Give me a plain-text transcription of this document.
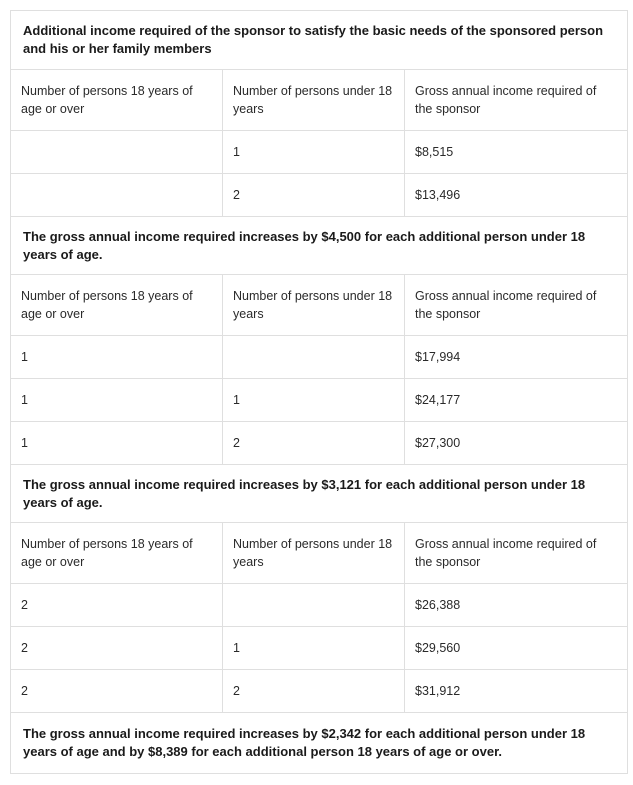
Additional income required of the sponsor to satisfy the basic needs of the sponsored person and his or her family members		
Number of persons 18 years of age or over	Number of persons under 18 years	Gross annual income required of the sponsor
	1	$8,515
	2	$13,496
The gross annual income required increases by $4,500 for each additional person under 18 years of age.		
Number of persons 18 years of age or over	Number of persons under 18 years	Gross annual income required of the sponsor
1		$17,994
1	1	$24,177
1	2	$27,300
The gross annual income required increases by $3,121 for each additional person under 18 years of age.		
Number of persons 18 years of age or over	Number of persons under 18 years	Gross annual income required of the sponsor
2		$26,388
2	1	$29,560
2	2	$31,912
The gross annual income required increases by $2,342 for each additional person under 18 years of age and by $8,389 for each additional person 18 years of age or over.		
